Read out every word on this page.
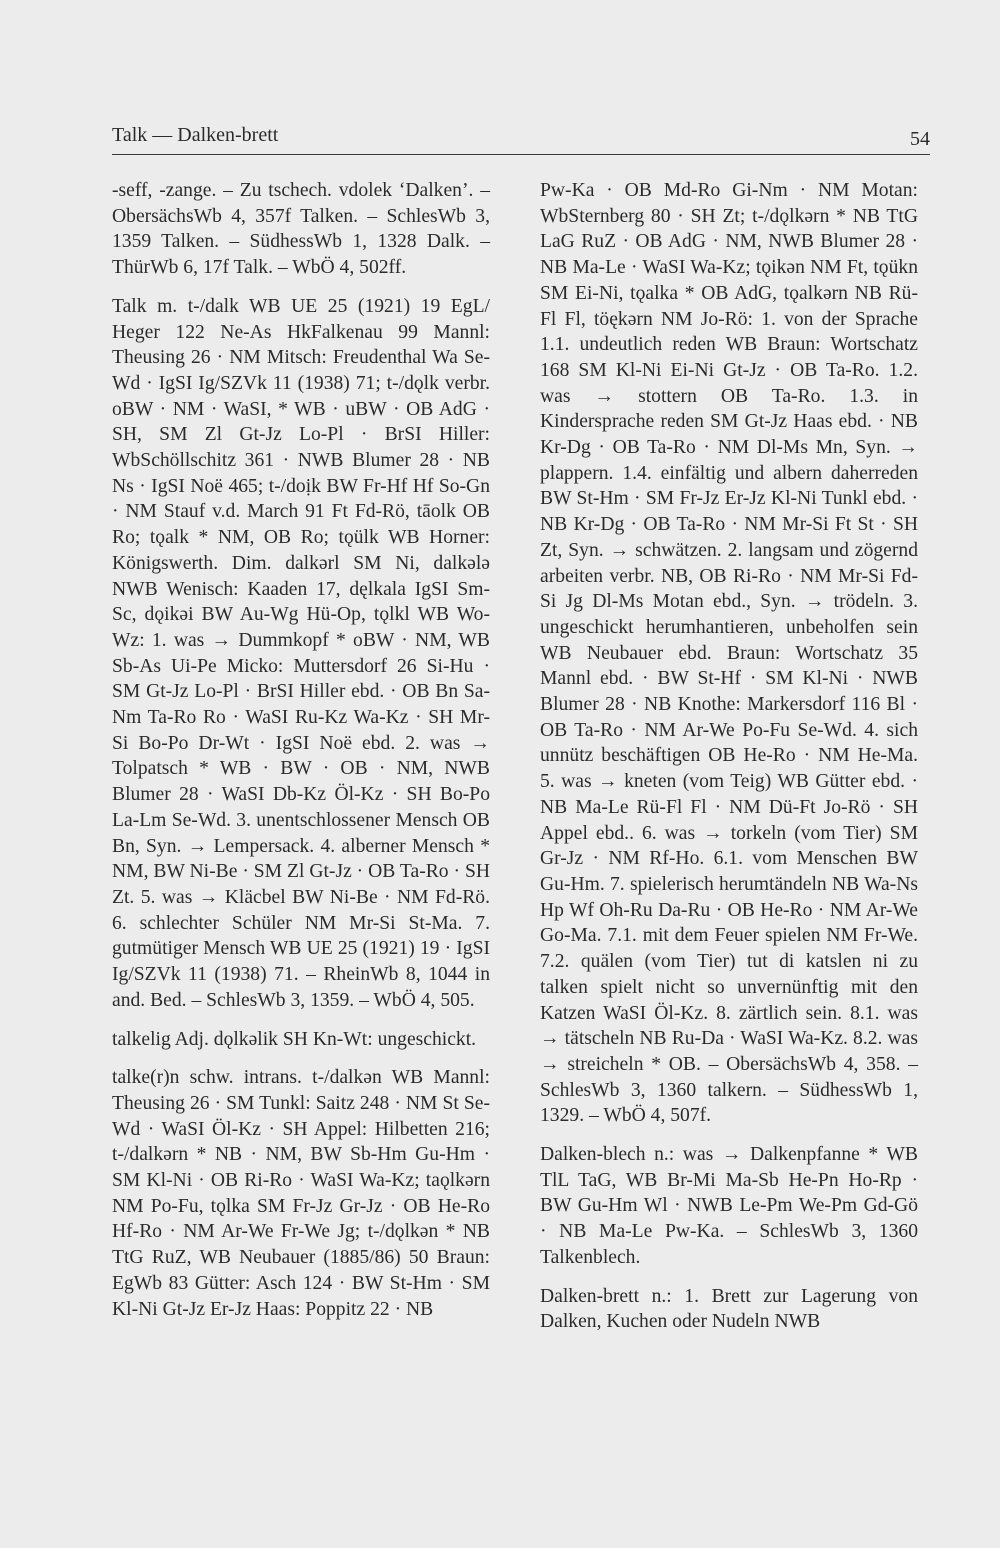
Talk — Dalken-brett	54

-seff, -zange. – Zu tschech. vdolek ‘Dalken’. – ObersächsWb 4, 357f Talken. – SchlesWb 3, 1359 Talken. – SüdhessWb 1, 1328 Dalk. – ThürWb 6, 17f Talk. – WbÖ 4, 502ff.

Talk m. t-/dalk WB UE 25 (1921) 19 EgL/ Heger 122 Ne-As HkFalkenau 99 Mannl: Theusing 26 · NM Mitsch: Freudenthal Wa Se-Wd · IgSI Ig/SZVk 11 (1938) 71; t-/dǫlk verbr. oBW · NM · WaSI, * WB · uBW · OB AdG · SH, SM Zl Gt-Jz Lo-Pl · BrSI Hiller: WbSchöllschitz 361 · NWB Blumer 28 · NB Ns · IgSI Noë 465; t-/doịk BW Fr-Hf Hf So-Gn · NM Stauf v.d. March 91 Ft Fd-Rö, tāolk OB Ro; tǫalk * NM, OB Ro; tǫülk WB Horner: Königswerth. Dim. dalkərl SM Ni, dalkələ NWB Wenisch: Kaaden 17, dęlkala IgSI Sm-Sc, dǫikəi BW Au-Wg Hü-Op, tǫlkl WB Wo-Wz: 1. was → Dummkopf * oBW · NM, WB Sb-As Ui-Pe Micko: Muttersdorf 26 Si-Hu · SM Gt-Jz Lo-Pl · BrSI Hiller ebd. · OB Bn Sa-Nm Ta-Ro Ro · WaSI Ru-Kz Wa-Kz · SH Mr-Si Bo-Po Dr-Wt · IgSI Noë ebd. 2. was → Tolpatsch * WB · BW · OB · NM, NWB Blumer 28 · WaSI Db-Kz Öl-Kz · SH Bo-Po La-Lm Se-Wd. 3. unentschlossener Mensch OB Bn, Syn. → Lempersack. 4. alberner Mensch * NM, BW Ni-Be · SM Zl Gt-Jz · OB Ta-Ro · SH Zt. 5. was → Kläcbel BW Ni-Be · NM Fd-Rö. 6. schlechter Schüler NM Mr-Si St-Ma. 7. gutmütiger Mensch WB UE 25 (1921) 19 · IgSI Ig/SZVk 11 (1938) 71. – RheinWb 8, 1044 in and. Bed. – SchlesWb 3, 1359. – WbÖ 4, 505.

talkelig Adj. dǫlkəlik SH Kn-Wt: ungeschickt.

talke(r)n schw. intrans. t-/dalkən WB Mannl: Theusing 26 · SM Tunkl: Saitz 248 · NM St Se-Wd · WaSI Öl-Kz · SH Appel: Hilbetten 216; t-/dalkərn * NB · NM, BW Sb-Hm Gu-Hm · SM Kl-Ni · OB Ri-Ro · WaSI Wa-Kz; taǫlkərn NM Po-Fu, tǫlka SM Fr-Jz Gr-Jz · OB He-Ro Hf-Ro · NM Ar-We Fr-We Jg; t-/dǫlkən * NB TtG RuZ, WB Neubauer (1885/86) 50 Braun: EgWb 83 Gütter: Asch 124 · BW St-Hm · SM Kl-Ni Gt-Jz Er-Jz Haas: Poppitz 22 · NB

Pw-Ka · OB Md-Ro Gi-Nm · NM Motan: WbSternberg 80 · SH Zt; t-/dǫlkərn * NB TtG LaG RuZ · OB AdG · NM, NWB Blumer 28 · NB Ma-Le · WaSI Wa-Kz; tǫikən NM Ft, tǫükn SM Ei-Ni, tǫalka * OB AdG, tǫalkərn NB Rü-Fl Fl, töękərn NM Jo-Rö: 1. von der Sprache 1.1. undeutlich reden WB Braun: Wortschatz 168 SM Kl-Ni Ei-Ni Gt-Jz · OB Ta-Ro. 1.2. was → stottern OB Ta-Ro. 1.3. in Kindersprache reden SM Gt-Jz Haas ebd. · NB Kr-Dg · OB Ta-Ro · NM Dl-Ms Mn, Syn. → plappern. 1.4. einfältig und albern daherreden BW St-Hm · SM Fr-Jz Er-Jz Kl-Ni Tunkl ebd. · NB Kr-Dg · OB Ta-Ro · NM Mr-Si Ft St · SH Zt, Syn. → schwätzen. 2. langsam und zögernd arbeiten verbr. NB, OB Ri-Ro · NM Mr-Si Fd-Si Jg Dl-Ms Motan ebd., Syn. → trödeln. 3. ungeschickt herumhantieren, unbeholfen sein WB Neubauer ebd. Braun: Wortschatz 35 Mannl ebd. · BW St-Hf · SM Kl-Ni · NWB Blumer 28 · NB Knothe: Markersdorf 116 Bl · OB Ta-Ro · NM Ar-We Po-Fu Se-Wd. 4. sich unnütz beschäftigen OB He-Ro · NM He-Ma. 5. was → kneten (vom Teig) WB Gütter ebd. · NB Ma-Le Rü-Fl Fl · NM Dü-Ft Jo-Rö · SH Appel ebd.. 6. was → torkeln (vom Tier) SM Gr-Jz · NM Rf-Ho. 6.1. vom Menschen BW Gu-Hm. 7. spielerisch herumtändeln NB Wa-Ns Hp Wf Oh-Ru Da-Ru · OB He-Ro · NM Ar-We Go-Ma. 7.1. mit dem Feuer spielen NM Fr-We. 7.2. quälen (vom Tier) tut di katslen ni zu talken spielt nicht so unvernünftig mit den Katzen WaSI Öl-Kz. 8. zärtlich sein. 8.1. was → tätscheln NB Ru-Da · WaSI Wa-Kz. 8.2. was → streicheln * OB. – ObersächsWb 4, 358. – SchlesWb 3, 1360 talkern. – SüdhessWb 1, 1329. – WbÖ 4, 507f.

Dalken-blech n.: was → Dalkenpfanne * WB TlL TaG, WB Br-Mi Ma-Sb He-Pn Ho-Rp · BW Gu-Hm Wl · NWB Le-Pm We-Pm Gd-Gö · NB Ma-Le Pw-Ka. – SchlesWb 3, 1360 Talkenblech.

Dalken-brett n.: 1. Brett zur Lagerung von Dalken, Kuchen oder Nudeln NWB
